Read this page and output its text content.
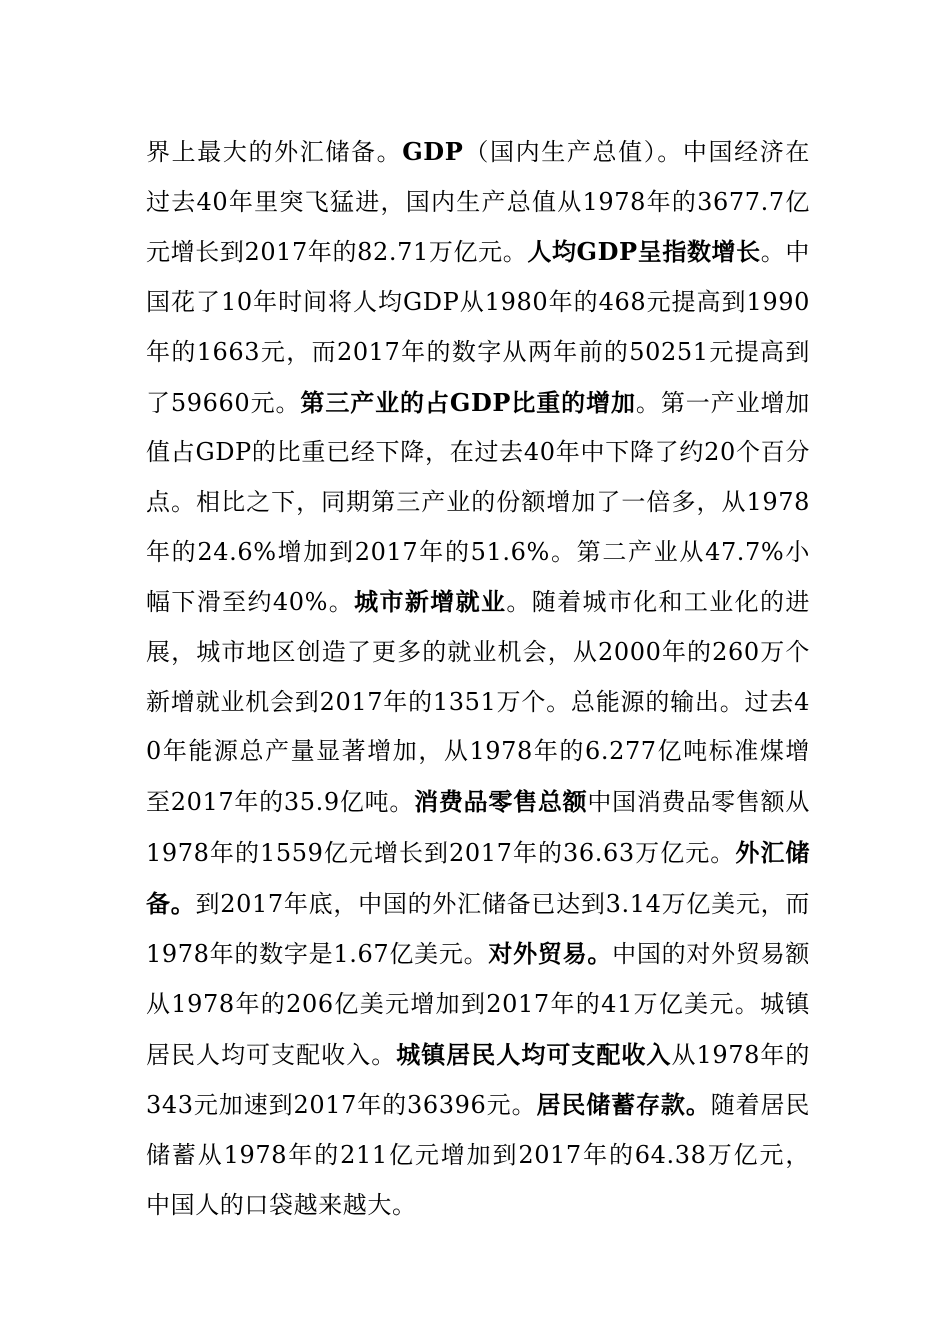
界上最大的外汇储备。GDP（国内生产总值）。中国经济在过去40年里突飞猛进，国内生产总值从1978年的3677.7亿元增长到2017年的82.71万亿元。人均GDP呈指数增长。中国花了10年时间将人均GDP从1980年的468元提高到1990年的1663元，而2017年的数字从两年前的50251元提高到了59660元。第三产业的占GDP比重的增加。第一产业增加值占GDP的比重已经下降，在过去40年中下降了约20个百分点。相比之下，同期第三产业的份额增加了一倍多，从1978年的24.6%增加到2017年的51.6%。第二产业从47.7%小幅下滑至约40%。城市新增就业。随着城市化和工业化的进展，城市地区创造了更多的就业机会，从2000年的260万个新增就业机会到2017年的1351万个。总能源的输出。过去40年能源总产量显著增加，从1978年的6.277亿吨标准煤增至2017年的35.9亿吨。消费品零售总额中国消费品零售额从1978年的1559亿元增长到2017年的36.63万亿元。外汇储备。到2017年底，中国的外汇储备已达到3.14万亿美元，而1978年的数字是1.67亿美元。对外贸易。中国的对外贸易额从1978年的206亿美元增加到2017年的41万亿美元。城镇居民人均可支配收入。城镇居民人均可支配收入从1978年的343元加速到2017年的36396元。居民储蓄存款。随着居民储蓄从1978年的211亿元增加到2017年的64.38万亿元，中国人的口袋越来越大。
